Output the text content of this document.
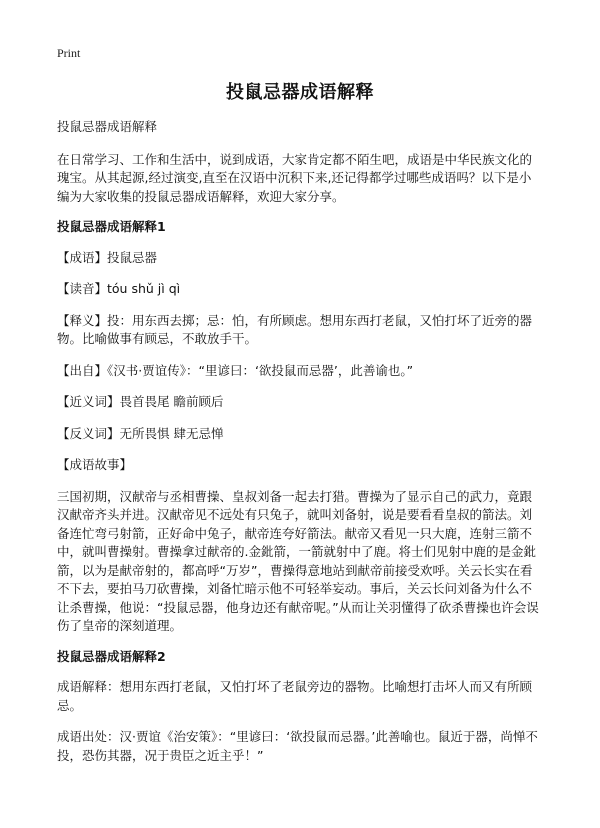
Print
投鼠忌器成语解释

投鼠忌器成语解释

在日常学习、工作和生活中，说到成语，大家肯定都不陌生吧，成语是中华民族文化的瑰宝。从其起源,经过演变,直至在汉语中沉积下来,还记得都学过哪些成语吗？以下是小编为大家收集的投鼠忌器成语解释，欢迎大家分享。

投鼠忌器成语解释1

【成语】投鼠忌器

【读音】tóu shǔ jì qì

【释义】投：用东西去掷；忌：怕，有所顾虑。想用东西打老鼠，又怕打坏了近旁的器物。比喻做事有顾忌，不敢放手干。

【出自】《汉书·贾谊传》：“里谚曰：‘欲投鼠而忌器’，此善谕也。”

【近义词】畏首畏尾 瞻前顾后

【反义词】无所畏惧 肆无忌惮

【成语故事】

三国初期，汉献帝与丞相曹操、皇叔刘备一起去打猎。曹操为了显示自己的武力，竟跟汉献帝齐头并进。汉献帝见不远处有只兔子，就叫刘备射，说是要看看皇叔的箭法。刘备连忙弯弓射箭，正好命中兔子，献帝连夸好箭法。献帝又看见一只大鹿，连射三箭不中，就叫曹操射。曹操拿过献帝的.金鈚箭，一箭就射中了鹿。将士们见射中鹿的是金鈚箭，以为是献帝射的，都高呼“万岁”，曹操得意地站到献帝前接受欢呼。关云长实在看不下去，要拍马刀砍曹操，刘备忙暗示他不可轻举妄动。事后，关云长问刘备为什么不让杀曹操，他说：“投鼠忌器，他身边还有献帝呢。”从而让关羽懂得了砍杀曹操也许会误伤了皇帝的深刻道理。

投鼠忌器成语解释2

成语解释：想用东西打老鼠，又怕打坏了老鼠旁边的器物。比喻想打击坏人而又有所顾忌。

成语出处：汉·贾谊《治安策》：“里谚曰：‘欲投鼠而忌器。’此善喻也。鼠近于器，尚惮不投，恐伤其器，况于贵臣之近主乎！”
